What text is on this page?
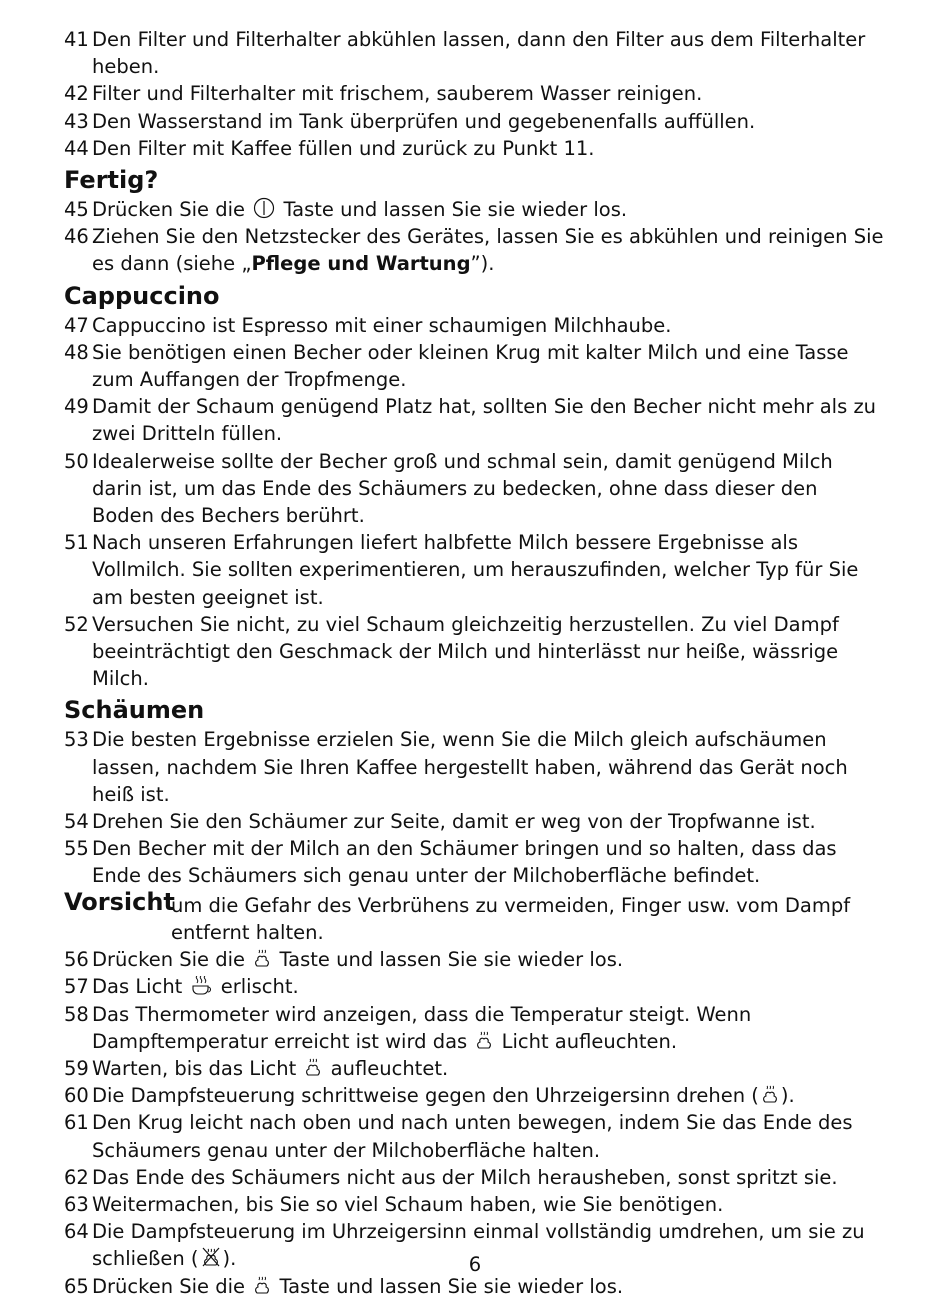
41 Den Filter und Filterhalter abkühlen lassen, dann den Filter aus dem Filterhalter heben.
42 Filter und Filterhalter mit frischem, sauberem Wasser reinigen.
43 Den Wasserstand im Tank überprüfen und gegebenenfalls auffüllen.
44 Den Filter mit Kaffee füllen und zurück zu Punkt 11.
Fertig?
45 Drücken Sie die Taste und lassen Sie sie wieder los.
46 Ziehen Sie den Netzstecker des Gerätes, lassen Sie es abkühlen und reinigen Sie es dann (siehe „Pflege und Wartung”).
Cappuccino
47 Cappuccino ist Espresso mit einer schaumigen Milchhaube.
48 Sie benötigen einen Becher oder kleinen Krug mit kalter Milch und eine Tasse zum Auffangen der Tropfmenge.
49 Damit der Schaum genügend Platz hat, sollten Sie den Becher nicht mehr als zu zwei Dritteln füllen.
50 Idealerweise sollte der Becher groß und schmal sein, damit genügend Milch darin ist, um das Ende des Schäumers zu bedecken, ohne dass dieser den Boden des Bechers berührt.
51 Nach unseren Erfahrungen liefert halbfette Milch bessere Ergebnisse als Vollmilch. Sie sollten experimentieren, um herauszufinden, welcher Typ für Sie am besten geeignet ist.
52 Versuchen Sie nicht, zu viel Schaum gleichzeitig herzustellen. Zu viel Dampf beeinträchtigt den Geschmack der Milch und hinterlässt nur heiße, wässrige Milch.
Schäumen
53 Die besten Ergebnisse erzielen Sie, wenn Sie die Milch gleich aufschäumen lassen, nachdem Sie Ihren Kaffee hergestellt haben, während das Gerät noch heiß ist.
54 Drehen Sie den Schäumer zur Seite, damit er weg von der Tropfwanne ist.
55 Den Becher mit der Milch an den Schäumer bringen und so halten, dass das Ende des Schäumers sich genau unter der Milchoberfläche befindet.
Vorsicht
um die Gefahr des Verbrühens zu vermeiden, Finger usw. vom Dampf entfernt halten.
56 Drücken Sie die Taste und lassen Sie sie wieder los.
57 Das Licht erlischt.
58 Das Thermometer wird anzeigen, dass die Temperatur steigt. Wenn Dampftemperatur erreicht ist wird das Licht aufleuchten.
59 Warten, bis das Licht aufleuchtet.
60 Die Dampfsteuerung schrittweise gegen den Uhrzeigersinn drehen ( ).
61 Den Krug leicht nach oben und nach unten bewegen, indem Sie das Ende des Schäumers genau unter der Milchoberfläche halten.
62 Das Ende des Schäumers nicht aus der Milch herausheben, sonst spritzt sie.
63 Weitermachen, bis Sie so viel Schaum haben, wie Sie benötigen.
64 Die Dampfsteuerung im Uhrzeigersinn einmal vollständig umdrehen, um sie zu schließen ( ).
65 Drücken Sie die Taste und lassen Sie sie wieder los.
6
